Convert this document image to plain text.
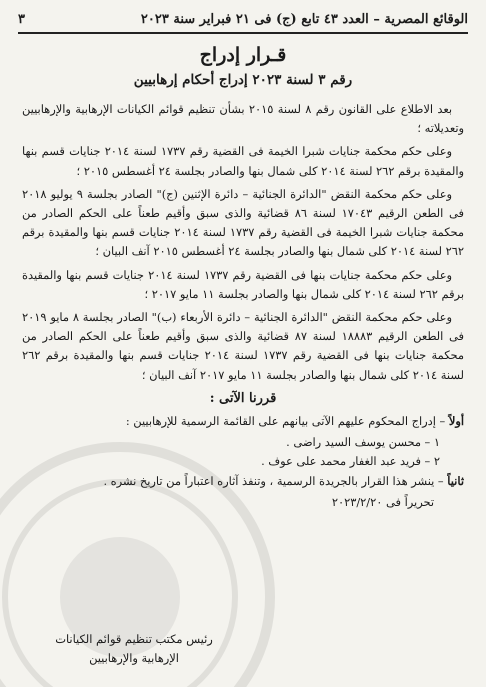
الوقائع المصرية – العدد ٤٣ تابع (ج) فى ٢١ فبراير سنة ٢٠٢٣
٣
قـرار إدراج
رقم ٣ لسنة ٢٠٢٣ إدراج أحكام إرهابيين

بعد الاطلاع على القانون رقم ٨ لسنة ٢٠١٥ بشأن تنظيم قوائم الكيانات الإرهابية والإرهابيين وتعديلاته ؛

وعلى حكم محكمة جنايات شبرا الخيمة فى القضية رقم ١٧٣٧ لسنة ٢٠١٤ جنايات قسم بنها والمقيدة برقم ٢٦٢ لسنة ٢٠١٤ كلى شمال بنها والصادر بجلسة ٢٤ أغسطس ٢٠١٥ ؛

وعلى حكم محكمة النقض "الدائرة الجنائية – دائرة الإثنين (ج)" الصادر بجلسة ٩ يوليو ٢٠١٨ فى الطعن الرقيم ١٧٠٤٣ لسنة ٨٦ قضائية والذى سبق وأقيم طعناً على الحكم الصادر من محكمة جنايات شبرا الخيمة فى القضية رقم ١٧٣٧ لسنة ٢٠١٤ جنايات قسم بنها والمقيدة برقم ٢٦٢ لسنة ٢٠١٤ كلى شمال بنها والصادر بجلسة ٢٤ أغسطس ٢٠١٥ آنف البيان ؛

وعلى حكم محكمة جنايات بنها فى القضية رقم ١٧٣٧ لسنة ٢٠١٤ جنايات قسم بنها والمقيدة برقم ٢٦٢ لسنة ٢٠١٤ كلى شمال بنها والصادر بجلسة ١١ مايو ٢٠١٧ ؛

وعلى حكم محكمة النقض "الدائرة الجنائية – دائرة الأربعاء (ب)" الصادر بجلسة ٨ مايو ٢٠١٩ فى الطعن الرقيم ١٨٨٨٣ لسنة ٨٧ قضائية والذى سبق وأقيم طعناً على الحكم الصادر من محكمة جنايات بنها فى القضية رقم ١٧٣٧ لسنة ٢٠١٤ جنايات قسم بنها والمقيدة برقم ٢٦٢ لسنة ٢٠١٤ كلى شمال بنها والصادر بجلسة ١١ مايو ٢٠١٧ آنف البيان ؛

قررنا الآتى :
أولاً – إدراج المحكوم عليهم الآتى بيانهم على القائمة الرسمية للإرهابيين :
١ – محسن يوسف السيد راضى .
٢ – فريد عبد الغفار محمد على عوف .
ثانياً – ينشر هذا القرار بالجريدة الرسمية ، وتنفذ آثاره اعتباراً من تاريخ نشره .
تحريراً فى ٢٠٢٣/٢/٢٠
رئيس مكتب تنظيم قوائم الكيانات
الإرهابية والإرهابيين
